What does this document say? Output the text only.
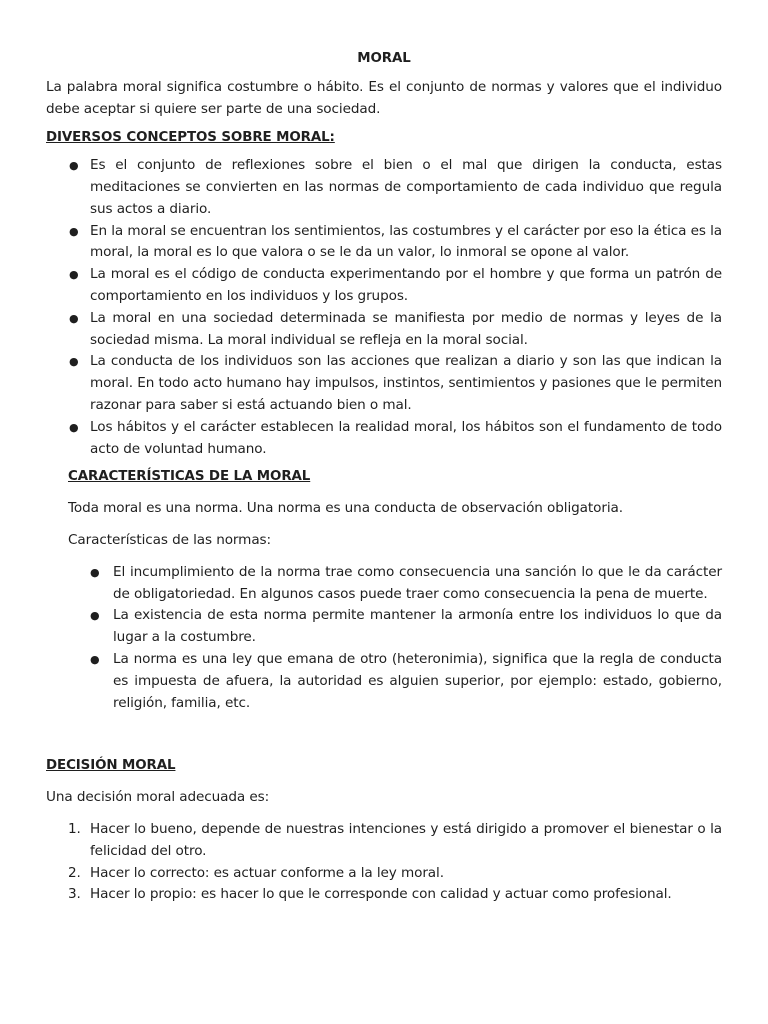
MORAL

La palabra moral significa costumbre o hábito. Es el conjunto de normas y valores que el individuo debe aceptar si quiere ser parte de una sociedad.

DIVERSOS CONCEPTOS SOBRE MORAL:

● Es el conjunto de reflexiones sobre el bien o el mal que dirigen la conducta, estas meditaciones se convierten en las normas de comportamiento de cada individuo que regula sus actos a diario.
● En la moral se encuentran los sentimientos, las costumbres y el carácter por eso la ética es la moral, la moral es lo que valora o se le da un valor, lo inmoral se opone al valor.
● La moral es el código de conducta experimentando por el hombre y que forma un patrón de comportamiento en los individuos y los grupos.
● La moral en una sociedad determinada se manifiesta por medio de normas y leyes de la sociedad misma. La moral individual se refleja en la moral social.
● La conducta de los individuos son las acciones que realizan a diario y son las que indican la moral. En todo acto humano hay impulsos, instintos, sentimientos y pasiones que le permiten razonar para saber si está actuando bien o mal.
● Los hábitos y el carácter establecen la realidad moral, los hábitos son el fundamento de todo acto de voluntad humano.

CARACTERÍSTICAS DE LA MORAL

Toda moral es una norma. Una norma es una conducta de observación obligatoria.

Características de las normas:

● El incumplimiento de la norma trae como consecuencia una sanción lo que le da carácter de obligatoriedad. En algunos casos puede traer como consecuencia la pena de muerte.
● La existencia de esta norma permite mantener la armonía entre los individuos lo que da lugar a la costumbre.
● La norma es una ley que emana de otro (heteronimia), significa que la regla de conducta es impuesta de afuera, la autoridad es alguien superior, por ejemplo: estado, gobierno, religión, familia, etc.

DECISIÓN MORAL

Una decisión moral adecuada es:

1. Hacer lo bueno, depende de nuestras intenciones y está dirigido a promover el bienestar o la felicidad del otro.
2. Hacer lo correcto: es actuar conforme a la ley moral.
3. Hacer lo propio: es hacer lo que le corresponde con calidad y actuar como profesional.
